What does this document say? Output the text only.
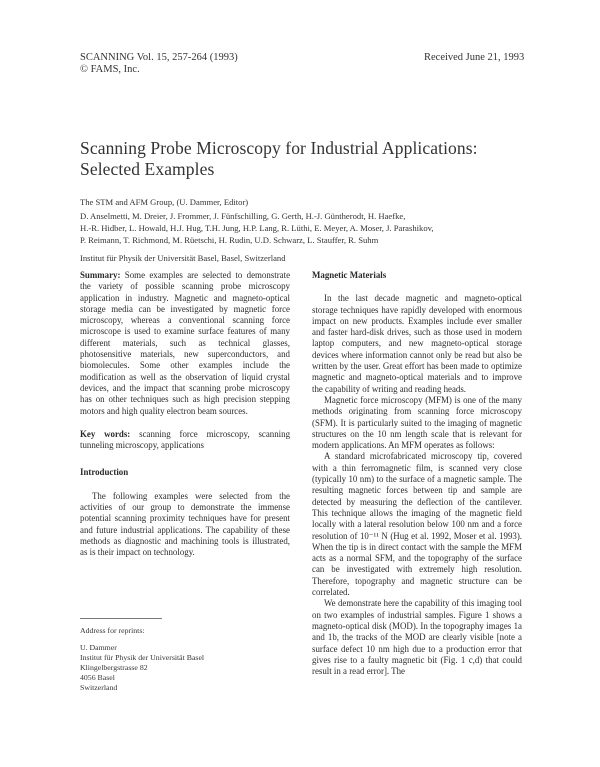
SCANNING Vol. 15, 257-264 (1993)
© FAMS, Inc.
Received June 21, 1993
Scanning Probe Microscopy for Industrial Applications:
Selected Examples
The STM and AFM Group, (U. Dammer, Editor)
D. Anselmetti, M. Dreier, J. Frommer, J. Fünfschilling, G. Gerth, H.-J. Güntherodt, H. Haefke,
H.-R. Hidber, L. Howald, H.J. Hug, T.H. Jung, H.P. Lang, R. Lüthi, E. Meyer, A. Moser, J. Parashikov,
P. Reimann, T. Richmond, M. Rüetschi, H. Rudin, U.D. Schwarz, L. Stauffer, R. Suhm
Institut für Physik der Universität Basel, Basel, Switzerland

Summary: Some examples are selected to demonstrate the variety of possible scanning probe microscopy application in industry. Magnetic and magneto-optical storage media can be investigated by magnetic force microscopy, whereas a conventional scanning force microscope is used to examine surface features of many different materials, such as technical glasses, photosensitive materials, new superconductors, and biomolecules. Some other examples include the modification as well as the observation of liquid crystal devices, and the impact that scanning probe microscopy has on other techniques such as high precision stepping motors and high quality electron beam sources.

Key words: scanning force microscopy, scanning tunneling microscopy, applications

Introduction

The following examples were selected from the activities of our group to demonstrate the immense potential scanning proximity techniques have for present and future industrial applications. The capability of these methods as diagnostic and machining tools is illustrated, as is their impact on technology.

Address for reprints:
U. Dammer
Institut für Physik der Universität Basel
Klingelbergstrasse 82
4056 Basel
Switzerland

Magnetic Materials

In the last decade magnetic and magneto-optical storage techniques have rapidly developed with enormous impact on new products. Examples include ever smaller and faster hard-disk drives, such as those used in modern laptop computers, and new magneto-optical storage devices where information cannot only be read but also be written by the user. Great effort has been made to optimize magnetic and magneto-optical materials and to improve the capability of writing and reading heads.

Magnetic force microscopy (MFM) is one of the many methods originating from scanning force microscopy (SFM). It is particularly suited to the imaging of magnetic structures on the 10 nm length scale that is relevant for modern applications. An MFM operates as follows:

A standard microfabricated microscopy tip, covered with a thin ferromagnetic film, is scanned very close (typically 10 nm) to the surface of a magnetic sample. The resulting magnetic forces between tip and sample are detected by measuring the deflection of the cantilever. This technique allows the imaging of the magnetic field locally with a lateral resolution below 100 nm and a force resolution of 10⁻¹¹ N (Hug et al. 1992, Moser et al. 1993). When the tip is in direct contact with the sample the MFM acts as a normal SFM, and the topography of the surface can be investigated with extremely high resolution. Therefore, topography and magnetic structure can be correlated.

We demonstrate here the capability of this imaging tool on two examples of industrial samples. Figure 1 shows a magneto-optical disk (MOD). In the topography images 1a and 1b, the tracks of the MOD are clearly visible [note a surface defect 10 nm high due to a production error that gives rise to a faulty magnetic bit (Fig. 1 c,d) that could result in a read error]. The
